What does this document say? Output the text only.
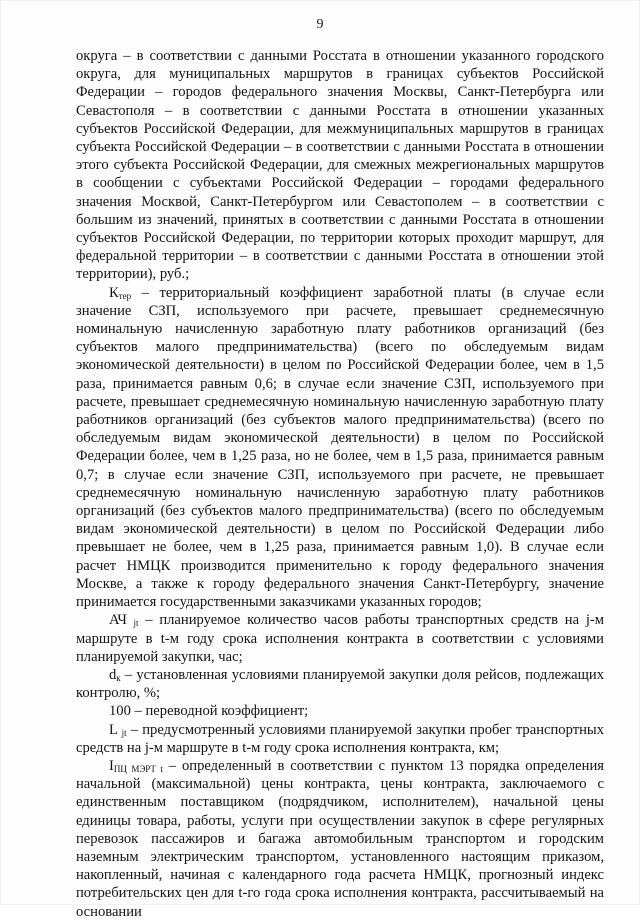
9

округа – в соответствии с данными Росстата в отношении указанного городского округа, для муниципальных маршрутов в границах субъектов Российской Федерации – городов федерального значения Москвы, Санкт-Петербурга или Севастополя – в соответствии с данными Росстата в отношении указанных субъектов Российской Федерации, для межмуниципальных маршрутов в границах субъекта Российской Федерации – в соответствии с данными Росстата в отношении этого субъекта Российской Федерации, для смежных межрегиональных маршрутов в сообщении с субъектами Российской Федерации – городами федерального значения Москвой, Санкт-Петербургом или Севастополем – в соответствии с большим из значений, принятых в соответствии с данными Росстата в отношении субъектов Российской Федерации, по территории которых проходит маршрут, для федеральной территории – в соответствии с данными Росстата в отношении этой территории), руб.;

$К_{тер}$ – территориальный коэффициент заработной платы (в случае если значение СЗП, используемого при расчете, превышает среднемесячную номинальную начисленную заработную плату работников организаций (без субъектов малого предпринимательства) (всего по обследуемым видам экономической деятельности) в целом по Российской Федерации более, чем в 1,5 раза, принимается равным 0,6; в случае если значение СЗП, используемого при расчете, превышает среднемесячную номинальную начисленную заработную плату работников организаций (без субъектов малого предпринимательства) (всего по обследуемым видам экономической деятельности) в целом по Российской Федерации более, чем в 1,25 раза, но не более, чем в 1,5 раза, принимается равным 0,7; в случае если значение СЗП, используемого при расчете, не превышает среднемесячную номинальную начисленную заработную плату работников организаций (без субъектов малого предпринимательства) (всего по обследуемым видам экономической деятельности) в целом по Российской Федерации либо превышает не более, чем в 1,25 раза, принимается равным 1,0). В случае если расчет НМЦК производится применительно к городу федерального значения Москве, а также к городу федерального значения Санкт-Петербургу, значение принимается государственными заказчиками указанных городов;

АЧ $_{jt}$ – планируемое количество часов работы транспортных средств на j-м маршруте в t-м году срока исполнения контракта в соответствии с условиями планируемой закупки, час;

$d_к$ – установленная условиями планируемой закупки доля рейсов, подлежащих контролю, %;

100 – переводной коэффициент;

L $_{jt}$ – предусмотренный условиями планируемой закупки пробег транспортных средств на j-м маршруте в t-м году срока исполнения контракта, км;

$I_{ПЦ МЭРТ t}$ – определенный в соответствии с пунктом 13 порядка определения начальной (максимальной) цены контракта, цены контракта, заключаемого с единственным поставщиком (подрядчиком, исполнителем), начальной цены единицы товара, работы, услуги при осуществлении закупок в сфере регулярных перевозок пассажиров и багажа автомобильным транспортом и городским наземным электрическим транспортом, установленного настоящим приказом, накопленный, начиная с календарного года расчета НМЦК, прогнозный индекс потребительских цен для t-го года срока исполнения контракта, рассчитываемый на основании
